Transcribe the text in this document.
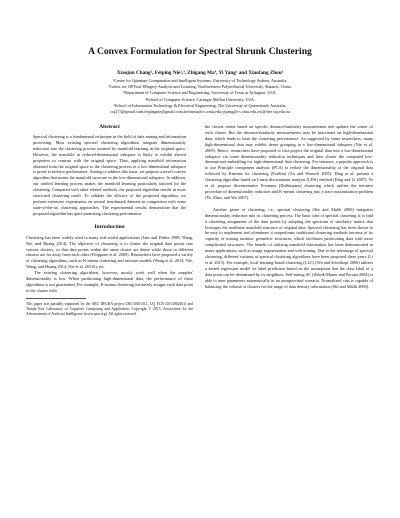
A Convex Formulation for Spectral Shrunk Clustering
Xiaojun Chang¹, Feiping Nie²,³, Zhigang Ma⁴, Yi Yang¹ and Xiaofang Zhou⁵
¹Centre for Quantum Computation and Intelligent Systems, University of Technology Sydney, Australia.
²Center for OPTical IMagery Analysis and Learning, Northwestern Polytechnical University, Shaanxi, China.
³Department of Computer Science and Engineering, University of Texas at Arlington, USA.
⁴School of Computer Science, Carnegie Mellon University, USA.
⁵School of Information Technology & Electrical Engineering, The University of Queensland, Australia.
cxj273@gmail.com,feipingnie@gmail.com,kevinma@cs.cmu.edu,yiyang@cs.cmu.edu,zxf@itee.uq.edu.au
Abstract

Spectral clustering is a fundamental technique in the field of data mining and information processing. Most existing spectral clustering algorithms integrate dimensionality reduction into the clustering process assisted by manifold learning in the original space. However, the manifold in reduced-dimensional subspace is likely to exhibit altered properties in contrast with the original space. Thus, applying manifold information obtained from the original space to the clustering process in a low-dimensional subspace is prone to inferior performance. Aiming to address this issue, we propose a novel convex algorithm that mines the manifold structure in the low-dimensional subspace. In addition, our unified learning process makes the manifold learning particularly tailored for the clustering. Compared with other related methods, the proposed algorithm results in more structured clustering result. To validate the efficacy of the proposed algorithm, we perform extensive experiments on several benchmark datasets in comparison with some state-of-the-art clustering approaches. The experimental results demonstrate that the proposed algorithm has quite promising clustering performance.

Introduction

Clustering has been widely used in many real-world applications (Jain and Dubes 1988; Wang, Nie, and Huang 2014). The objective of clustering is to cluster the original data points into various clusters, so that data points within the same cluster are dense while those in different clusters are far away from each other (Filippone et al. 2008). Researchers have proposed a variety of clustering algorithms, such as K-means clustering and mixture models (Wang et al. 2014; Nie, Wang, and Huang 2014; Nie et al. 2011b), etc.

The existing clustering algorithms, however, mostly work well when the samples' dimensionality is low. When partitioning high-dimensional data, the performance of these algorithms is not guaranteed. For example, K-means clustering iteratively assigns each data point to the cluster with

This paper was partially supported by the ARC DECRA project DE130101311, UQ ECR (2013002401) and Tianjin Key Laboratory of Cognitive Computing and Application. Copyright © 2015, Association for the Advancement of Artificial Intelligence (www.aaai.org). All rights reserved.

the closest center based on specific distance/similarity measurement and updates the center of each cluster. But the distance/similarity measurements may be inaccurate on high-dimensional data, which tends to limit the clustering performance. As suggested by some researchers, many high-dimensional data may exhibit dense grouping in a low-dimensional subspace (Nie et al. 2009). Hence, researchers have proposed to first project the original data into a low-dimensional subspace via some dimensionality reduction techniques and then cluster the computed low-dimensional embedding for high-dimensional data clustering. For instance, a popular approach is to use Principle component analysis (PCA) to reduce the dimensionality of the original data followed by Kmeans for clustering (PcaKm) (Xu and Wunsch 2005). Ding et al. present a clustering algorithm based on Linear discriminant analysis (LDA) method (Ding and Li 2007). Ye et al. propose discriminative K-means (DisKmeans) clustering which unifies the iterative procedure of dimensionality reduction and K-means clustering into a trace maximization problem (Ye, Zhao, and Wu 2007).

Another genre of clustering, i.e., spectral clustering (Shi and Malik 2000) integrates dimensionality reduction into its clustering process. The basic idea of spectral clustering is to find a clustering assignment of the data points by adopting the spectrum of similarity matrix that leverages the nonlinear manifold structure of original data. Spectral clustering has been shown to be easy to implement and oftentimes it outperforms traditional clustering methods because of its capacity of mining intrinsic geometric structures, which facilitates partitioning data with more complicated structures. The benefit of utilizing manifold information has been demonstrated in many applications, such as image segmentation and web mining. Due to the advantage of spectral clustering, different variants of spectral clustering algorithms have been proposed these years (Li et al. 2015). For example, local learning-based clustering (LLC) (Wu and Schölkopf 2006) utilizes a kernel regression model for label prediction based on the assumption that the class label of a data point can be determined by its neighbors. Self-tuning SC (Zelnik-Manor and Perona 2004) is able to tune parameters automatically in an unsupervised scenario. Normalized cuts is capable of balancing the volume of clusters for the usage of data density information (Shi and Malik 2000).
